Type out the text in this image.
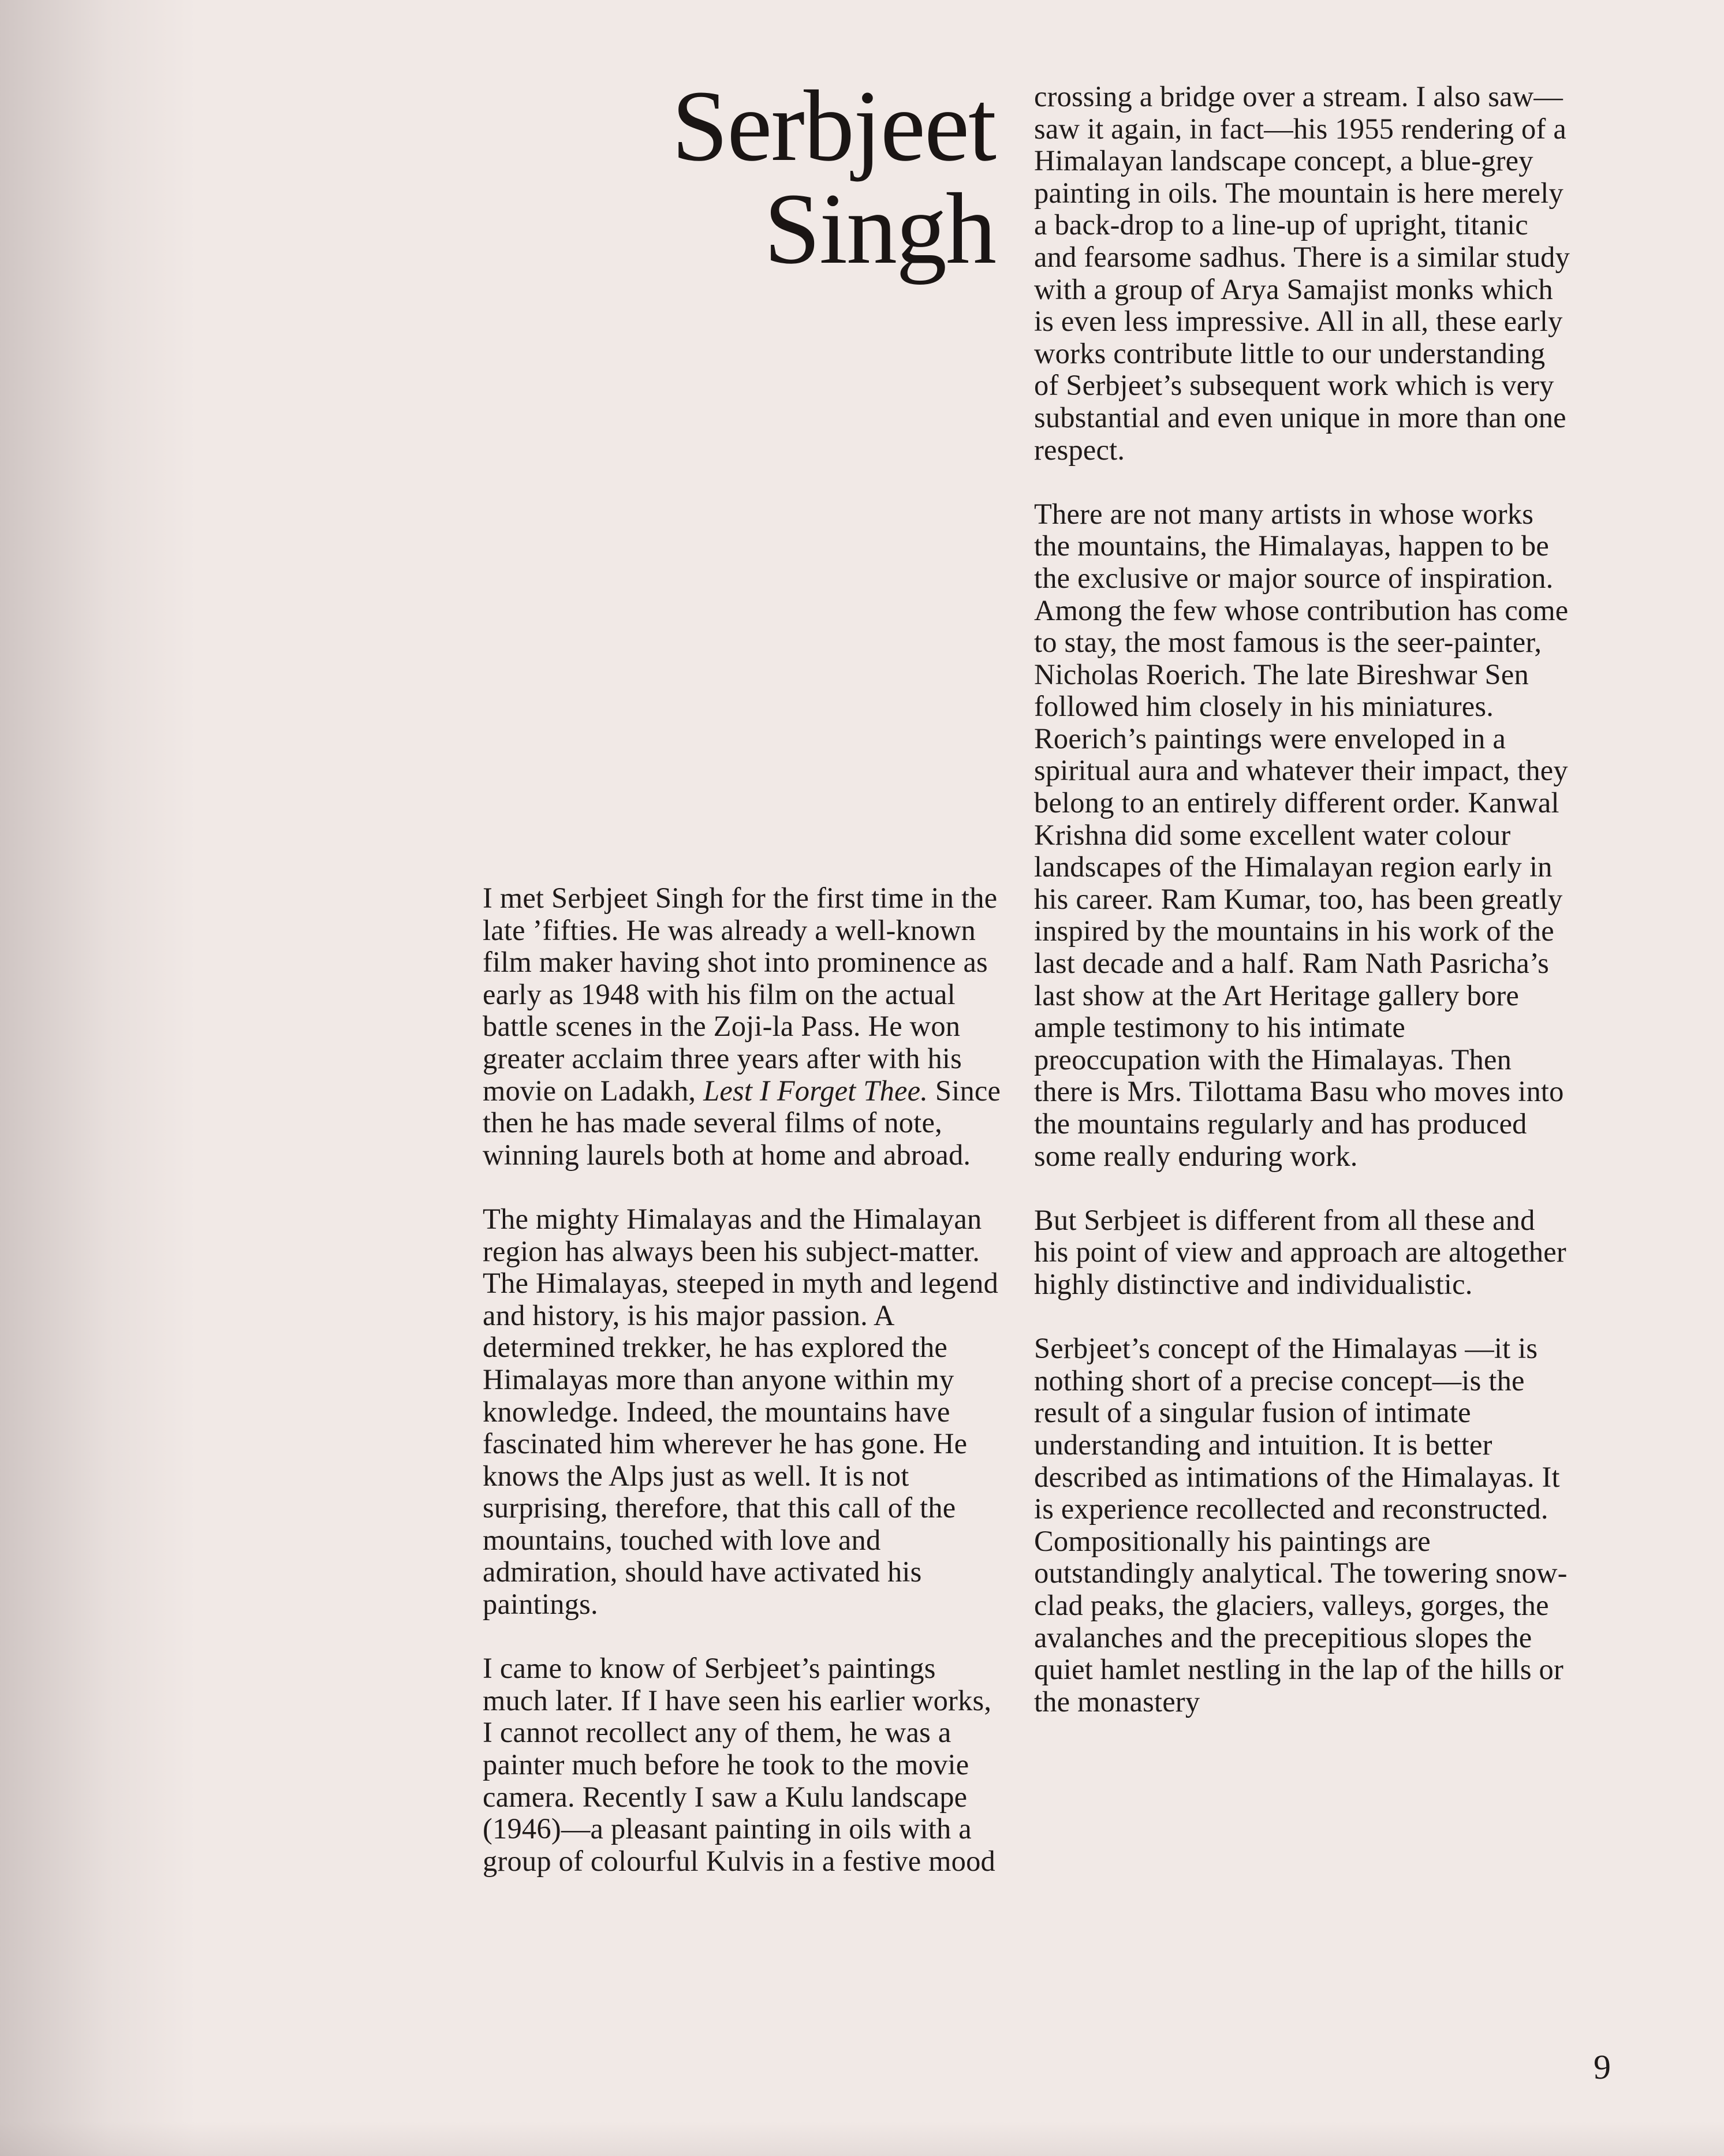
Serbjeet
Singh

I met Serbjeet Singh for the first time in the late ’fifties. He was already a well-known film maker having shot into prominence as early as 1948 with his film on the actual battle scenes in the Zoji-la Pass. He won greater acclaim three years after with his movie on Ladakh, Lest I Forget Thee. Since then he has made several films of note, winning laurels both at home and abroad.

The mighty Himalayas and the Himalayan region has always been his subject-matter. The Himalayas, steeped in myth and legend and history, is his major passion. A determined trekker, he has explored the Himalayas more than anyone within my knowledge. Indeed, the mountains have fascinated him wherever he has gone. He knows the Alps just as well. It is not surprising, therefore, that this call of the mountains, touched with love and admiration, should have activated his paintings.

I came to know of Serbjeet’s paintings much later. If I have seen his earlier works, I cannot recollect any of them, he was a painter much before he took to the movie camera. Recently I saw a Kulu landscape (1946)—a pleasant painting in oils with a group of colourful Kulvis in a festive mood

crossing a bridge over a stream. I also saw—saw it again, in fact—his 1955 rendering of a Himalayan landscape concept, a blue-grey painting in oils. The mountain is here merely a back-drop to a line-up of upright, titanic and fearsome sadhus. There is a similar study with a group of Arya Samajist monks which is even less impressive. All in all, these early works contribute little to our understanding of Serbjeet’s subsequent work which is very substantial and even unique in more than one respect.

There are not many artists in whose works the mountains, the Himalayas, happen to be the exclusive or major source of inspiration. Among the few whose contribution has come to stay, the most famous is the seer-painter, Nicholas Roerich. The late Bireshwar Sen followed him closely in his miniatures. Roerich’s paintings were enveloped in a spiritual aura and whatever their impact, they belong to an entirely different order. Kanwal Krishna did some excellent water colour landscapes of the Himalayan region early in his career. Ram Kumar, too, has been greatly inspired by the mountains in his work of the last decade and a half. Ram Nath Pasricha’s last show at the Art Heritage gallery bore ample testimony to his intimate preoccupation with the Himalayas. Then there is Mrs. Tilottama Basu who moves into the mountains regularly and has produced some really enduring work.

But Serbjeet is different from all these and his point of view and approach are altogether highly distinctive and individualistic.

Serbjeet’s concept of the Himalayas —it is nothing short of a precise concept—is the result of a singular fusion of intimate understanding and intuition. It is better described as intimations of the Himalayas. It is experience recollected and reconstructed. Compositionally his paintings are outstandingly analytical. The towering snow-clad peaks, the glaciers, valleys, gorges, the avalanches and the precepitious slopes the quiet hamlet nestling in the lap of the hills or the monastery

9
